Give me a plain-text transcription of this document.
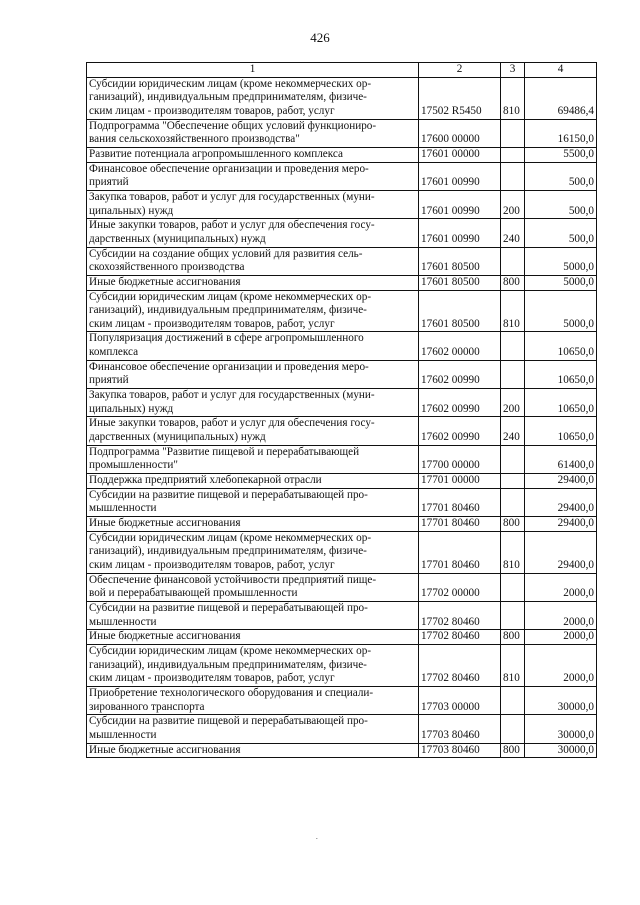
426
1	2	3	4
Субсидии юридическим лицам (кроме некоммерческих ор-
ганизаций), индивидуальным предпринимателям, физиче-
ским лицам - производителям товаров, работ, услуг	17502 R5450	810	69486,4
Подпрограмма "Обеспечение общих условий функциониро-
вания сельскохозяйственного производства"	17600 00000		16150,0
Развитие потенциала агропромышленного комплекса	17601 00000		5500,0
Финансовое обеспечение организации и проведения меро-
приятий	17601 00990		500,0
Закупка товаров, работ и услуг для государственных (муни-
ципальных) нужд	17601 00990	200	500,0
Иные закупки товаров, работ и услуг для обеспечения госу-
дарственных (муниципальных) нужд	17601 00990	240	500,0
Субсидии на создание общих условий для развития сель-
скохозяйственного производства	17601 80500		5000,0
Иные бюджетные ассигнования	17601 80500	800	5000,0
Субсидии юридическим лицам (кроме некоммерческих ор-
ганизаций), индивидуальным предпринимателям, физиче-
ским лицам - производителям товаров, работ, услуг	17601 80500	810	5000,0
Популяризация достижений в сфере агропромышленного
комплекса	17602 00000		10650,0
Финансовое обеспечение организации и проведения меро-
приятий	17602 00990		10650,0
Закупка товаров, работ и услуг для государственных (муни-
ципальных) нужд	17602 00990	200	10650,0
Иные закупки товаров, работ и услуг для обеспечения госу-
дарственных (муниципальных) нужд	17602 00990	240	10650,0
Подпрограмма "Развитие пищевой и перерабатывающей
промышленности"	17700 00000		61400,0
Поддержка предприятий хлебопекарной отрасли	17701 00000		29400,0
Субсидии на развитие пищевой и перерабатывающей про-
мышленности	17701 80460		29400,0
Иные бюджетные ассигнования	17701 80460	800	29400,0
Субсидии юридическим лицам (кроме некоммерческих ор-
ганизаций), индивидуальным предпринимателям, физиче-
ским лицам - производителям товаров, работ, услуг	17701 80460	810	29400,0
Обеспечение финансовой устойчивости предприятий пище-
вой и перерабатывающей промышленности	17702 00000		2000,0
Субсидии на развитие пищевой и перерабатывающей про-
мышленности	17702 80460		2000,0
Иные бюджетные ассигнования	17702 80460	800	2000,0
Субсидии юридическим лицам (кроме некоммерческих ор-
ганизаций), индивидуальным предпринимателям, физиче-
ским лицам - производителям товаров, работ, услуг	17702 80460	810	2000,0
Приобретение технологического оборудования и специали-
зированного транспорта	17703 00000		30000,0
Субсидии на развитие пищевой и перерабатывающей про-
мышленности	17703 80460		30000,0
Иные бюджетные ассигнования	17703 80460	800	30000,0
.
